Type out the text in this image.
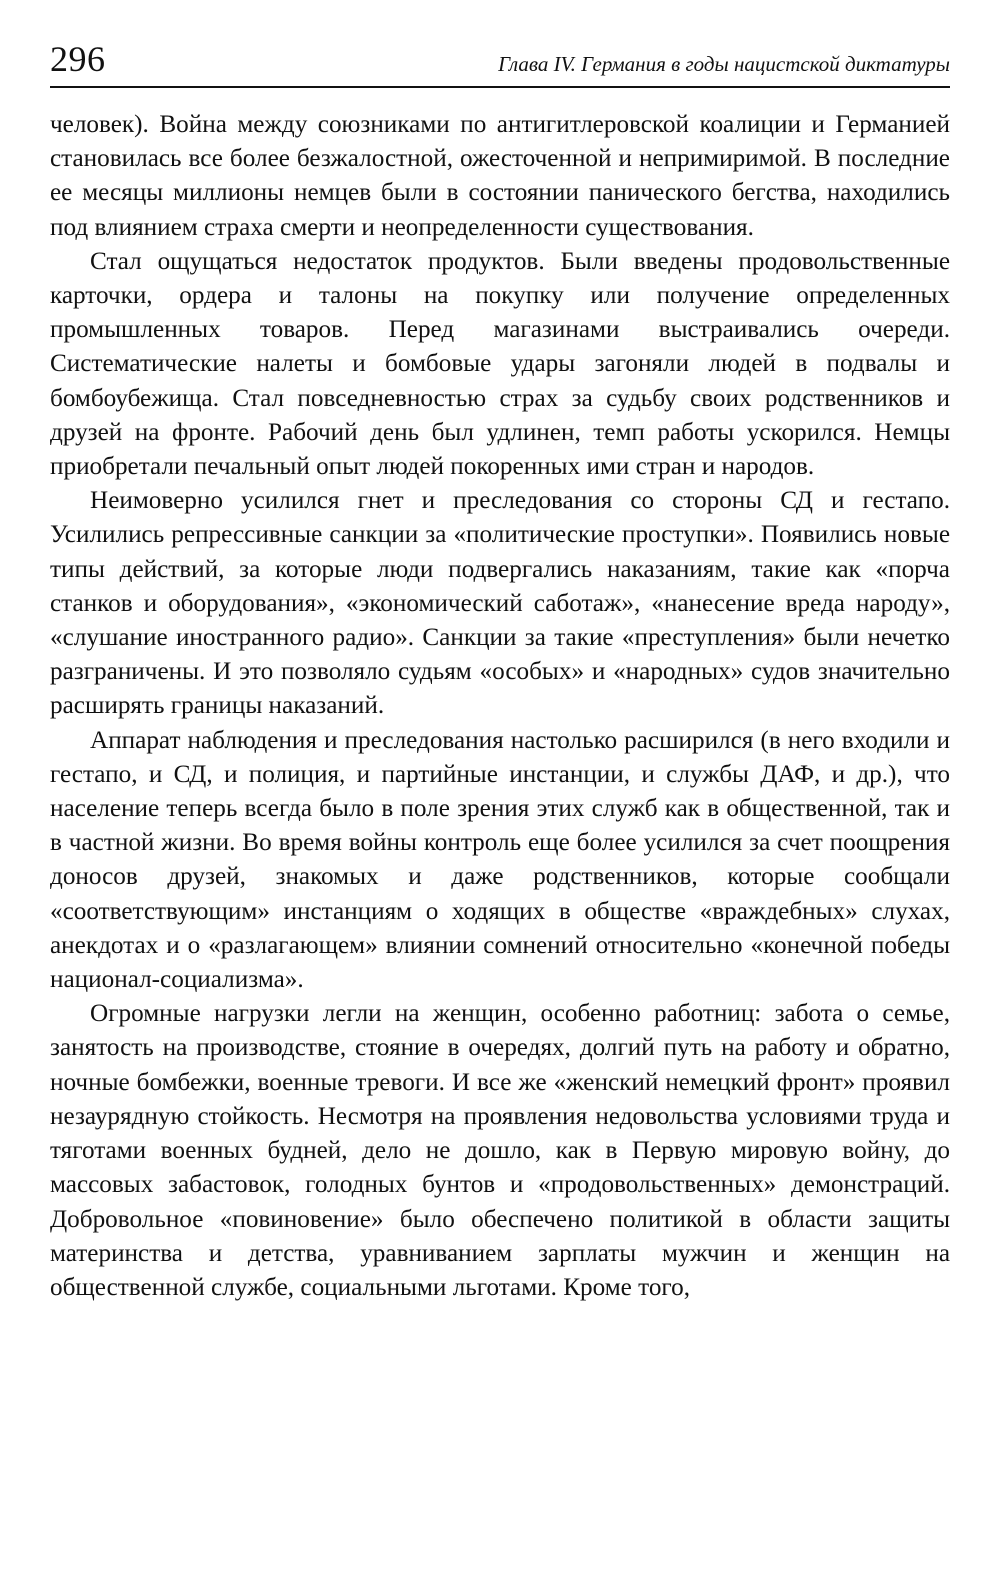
296	Глава IV. Германия в годы нацистской диктатуры

человек). Война между союзниками по антигитлеровской коалиции и Германией становилась все более безжалостной, ожесточенной и непримиримой. В последние ее месяцы миллионы немцев были в состоянии панического бегства, находились под влиянием страха смерти и неопределенности существования.

Стал ощущаться недостаток продуктов. Были введены продовольственные карточки, ордера и талоны на покупку или получение определенных промышленных товаров. Перед магазинами выстраивались очереди. Систематические налеты и бомбовые удары загоняли людей в подвалы и бомбоубежища. Стал повседневностью страх за судьбу своих родственников и друзей на фронте. Рабочий день был удлинен, темп работы ускорился. Немцы приобретали печальный опыт людей покоренных ими стран и народов.

Неимоверно усилился гнет и преследования со стороны СД и гестапо. Усилились репрессивные санкции за «политические проступки». Появились новые типы действий, за которые люди подвергались наказаниям, такие как «порча станков и оборудования», «экономический саботаж», «нанесение вреда народу», «слушание иностранного радио». Санкции за такие «преступления» были нечетко разграничены. И это позволяло судьям «особых» и «народных» судов значительно расширять границы наказаний.

Аппарат наблюдения и преследования настолько расширился (в него входили и гестапо, и СД, и полиция, и партийные инстанции, и службы ДАФ, и др.), что население теперь всегда было в поле зрения этих служб как в общественной, так и в частной жизни. Во время войны контроль еще более усилился за счет поощрения доносов друзей, знакомых и даже родственников, которые сообщали «соответствующим» инстанциям о ходящих в обществе «враждебных» слухах, анекдотах и о «разлагающем» влиянии сомнений относительно «конечной победы национал-социализма».

Огромные нагрузки легли на женщин, особенно работниц: забота о семье, занятость на производстве, стояние в очередях, долгий путь на работу и обратно, ночные бомбежки, военные тревоги. И все же «женский немецкий фронт» проявил незаурядную стойкость. Несмотря на проявления недовольства условиями труда и тяготами военных будней, дело не дошло, как в Первую мировую войну, до массовых забастовок, голодных бунтов и «продовольственных» демонстраций. Добровольное «повиновение» было обеспечено политикой в области защиты материнства и детства, уравниванием зарплаты мужчин и женщин на общественной службе, социальными льготами. Кроме того,
